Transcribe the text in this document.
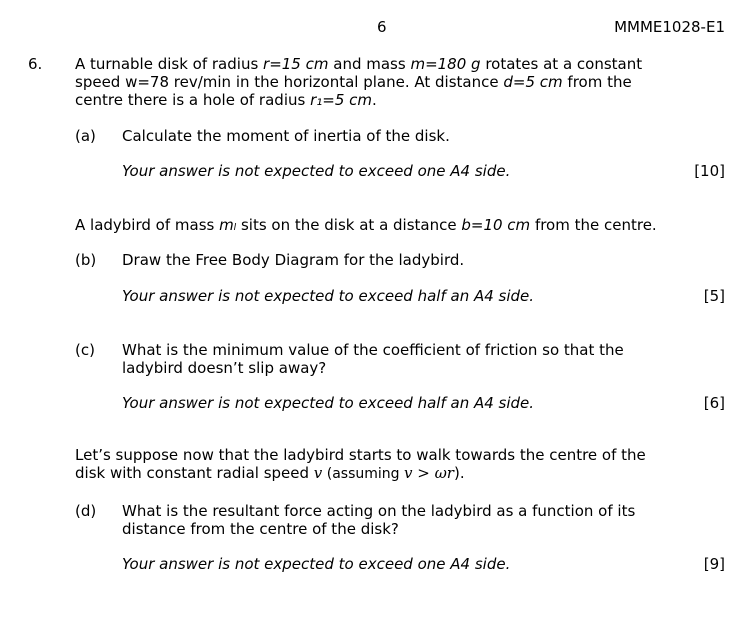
6	MMME1028-E1
6. A turnable disk of radius r=15 cm and mass m=180 g rotates at a constant
speed w=78 rev/min in the horizontal plane. At distance d=5 cm from the
centre there is a hole of radius r₁=5 cm.
(a) Calculate the moment of inertia of the disk.
Your answer is not expected to exceed one A4 side.	[10]
A ladybird of mass mₗ sits on the disk at a distance b=10 cm from the centre.
(b) Draw the Free Body Diagram for the ladybird.
Your answer is not expected to exceed half an A4 side.	[5]
(c) What is the minimum value of the coefficient of friction so that the
ladybird doesn’t slip away?
Your answer is not expected to exceed half an A4 side.	[6]
Let’s suppose now that the ladybird starts to walk towards the centre of the
disk with constant radial speed v (assuming v > ωr).
(d) What is the resultant force acting on the ladybird as a function of its
distance from the centre of the disk?
Your answer is not expected to exceed one A4 side.	[9]
